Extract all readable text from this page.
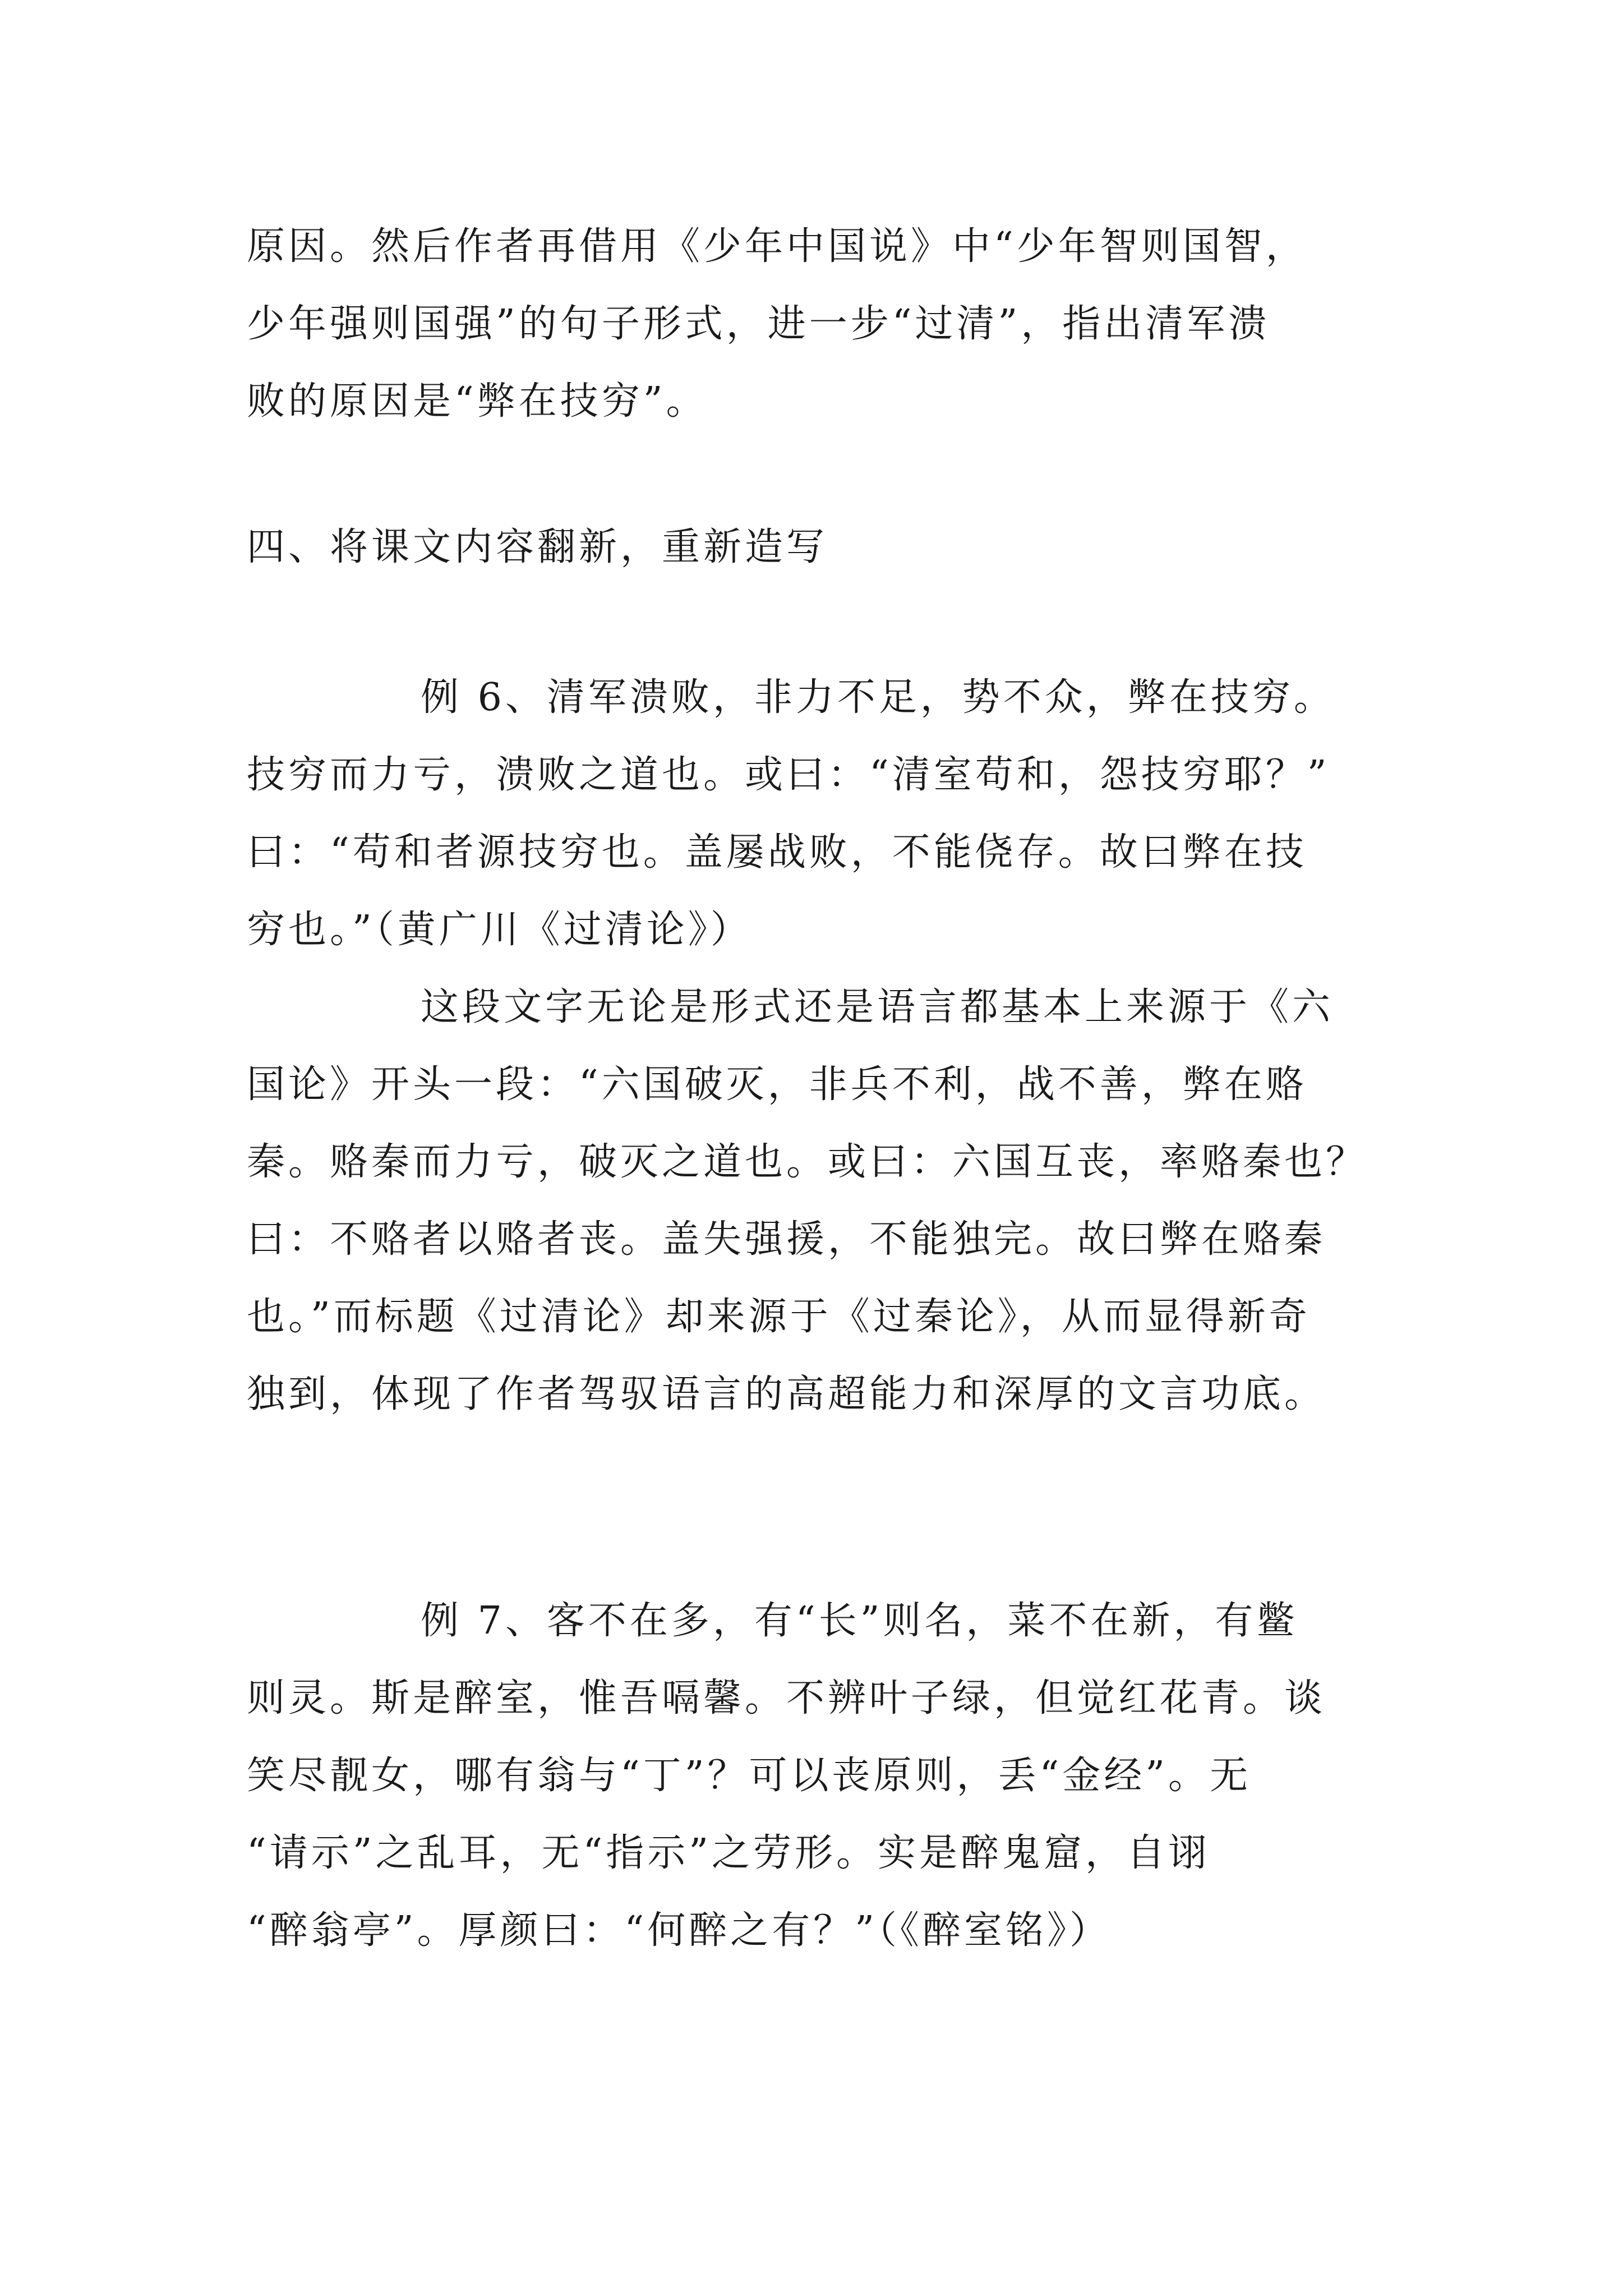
原因。然后作者再借用《少年中国说》中“少年智则国智，
少年强则国强”的句子形式，进一步“过清”，指出清军溃
败的原因是“弊在技穷”。
四、将课文内容翻新，重新造写
例 6、清军溃败，非力不足，势不众，弊在技穷。
技穷而力亏，溃败之道也。或曰：“清室苟和，怨技穷耶？”
曰：“苟和者源技穷也。盖屡战败，不能侥存。故曰弊在技
穷也。”（黄广川《过清论》）
这段文字无论是形式还是语言都基本上来源于《六
国论》开头一段：“六国破灭，非兵不利，战不善，弊在赂
秦。赂秦而力亏，破灭之道也。或曰：六国互丧，率赂秦也？
曰：不赂者以赂者丧。盖失强援，不能独完。故曰弊在赂秦
也。”而标题《过清论》却来源于《过秦论》，从而显得新奇
独到，体现了作者驾驭语言的高超能力和深厚的文言功底。
例 7、客不在多，有“长”则名，菜不在新，有鳖
则灵。斯是醉室，惟吾嗝馨。不辨叶子绿，但觉红花青。谈
笑尽靓女，哪有翁与“丁”？可以丧原则，丢“金经”。无
“请示”之乱耳，无“指示”之劳形。实是醉鬼窟，自诩
“醉翁亭”。厚颜曰：“何醉之有？”（《醉室铭》）
